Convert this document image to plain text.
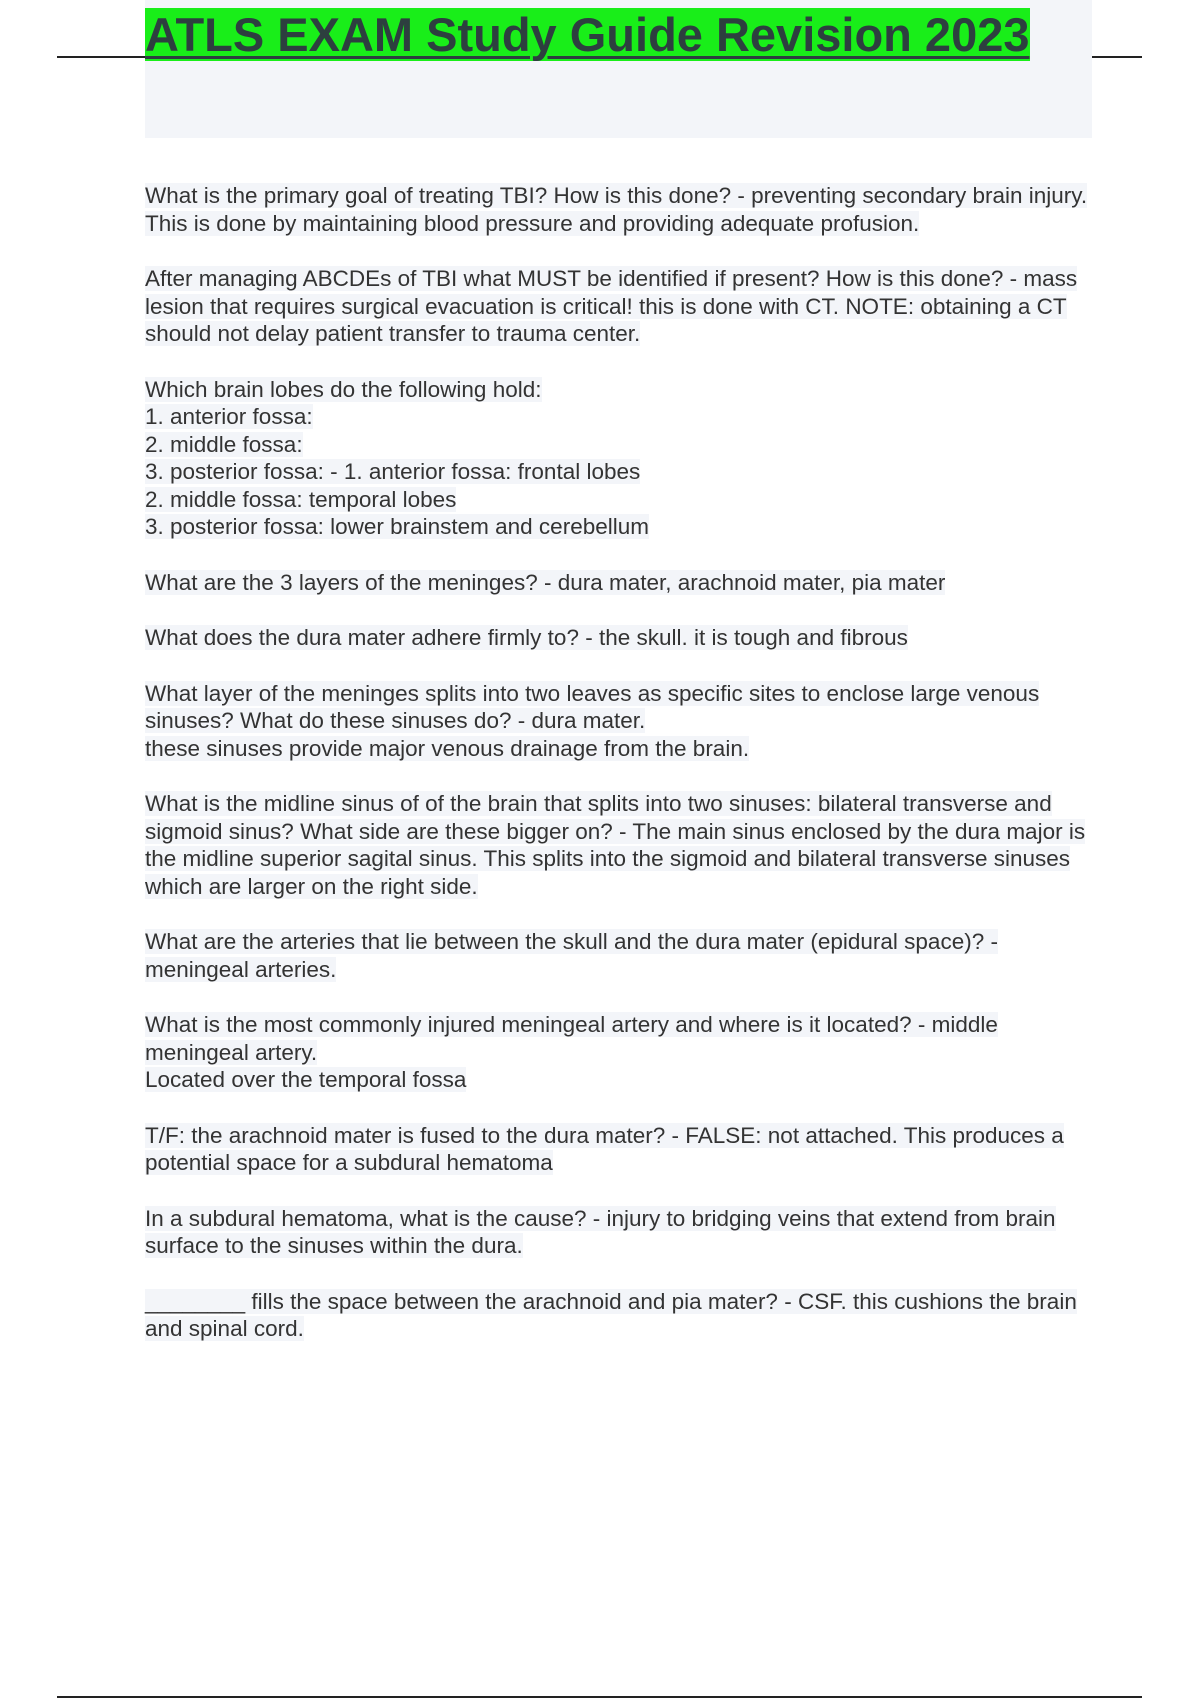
ATLS EXAM Study Guide Revision 2023

What is the primary goal of treating TBI? How is this done? - preventing secondary brain injury. This is done by maintaining blood pressure and providing adequate profusion.

After managing ABCDEs of TBI what MUST be identified if present? How is this done? - mass lesion that requires surgical evacuation is critical! this is done with CT. NOTE: obtaining a CT should not delay patient transfer to trauma center.

Which brain lobes do the following hold:
1. anterior fossa:
2. middle fossa:
3. posterior fossa: - 1. anterior fossa: frontal lobes
2. middle fossa: temporal lobes
3. posterior fossa: lower brainstem and cerebellum

What are the 3 layers of the meninges? - dura mater, arachnoid mater, pia mater

What does the dura mater adhere firmly to? - the skull. it is tough and fibrous

What layer of the meninges splits into two leaves as specific sites to enclose large venous sinuses? What do these sinuses do? - dura mater.
these sinuses provide major venous drainage from the brain.

What is the midline sinus of of the brain that splits into two sinuses: bilateral transverse and sigmoid sinus? What side are these bigger on? - The main sinus enclosed by the dura major is the midline superior sagital sinus. This splits into the sigmoid and bilateral transverse sinuses which are larger on the right side.

What are the arteries that lie between the skull and the dura mater (epidural space)? - meningeal arteries.

What is the most commonly injured meningeal artery and where is it located? - middle meningeal artery.
Located over the temporal fossa

T/F: the arachnoid mater is fused to the dura mater? - FALSE: not attached. This produces a potential space for a subdural hematoma

In a subdural hematoma, what is the cause? - injury to bridging veins that extend from brain surface to the sinuses within the dura.

________ fills the space between the arachnoid and pia mater? - CSF. this cushions the brain and spinal cord.
